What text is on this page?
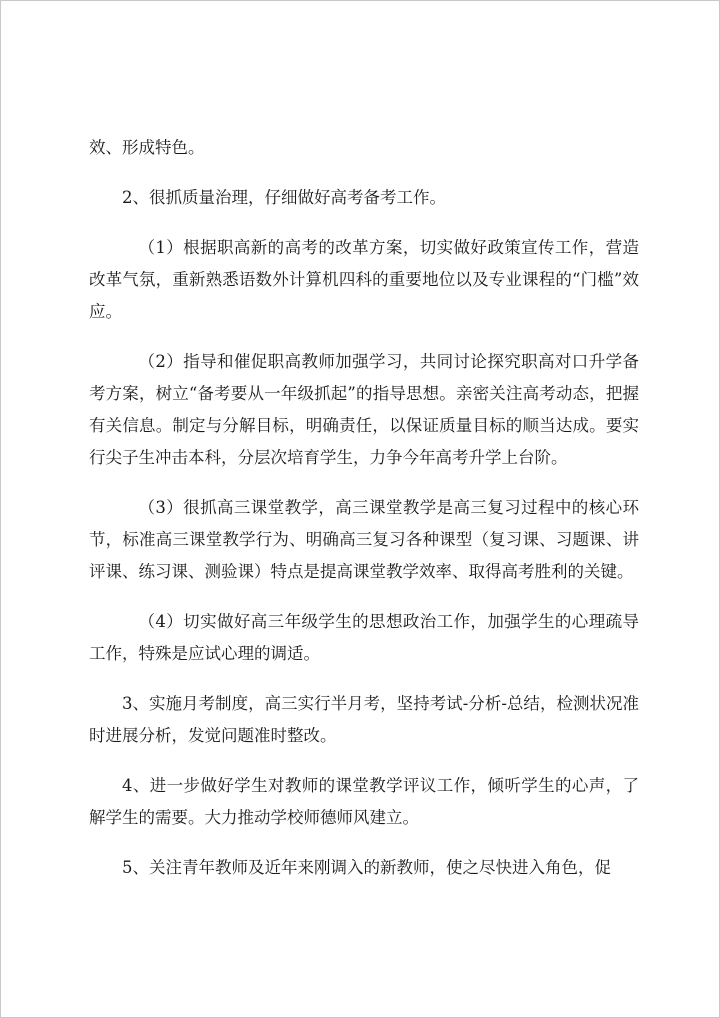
效、形成特色。

2、很抓质量治理，仔细做好高考备考工作。

（1）根据职高新的高考的改革方案，切实做好政策宣传工作，营造改革气氛，重新熟悉语数外计算机四科的重要地位以及专业课程的“门槛”效应。

（2）指导和催促职高教师加强学习，共同讨论探究职高对口升学备考方案，树立“备考要从一年级抓起”的指导思想。亲密关注高考动态，把握有关信息。制定与分解目标，明确责任，以保证质量目标的顺当达成。要实行尖子生冲击本科，分层次培育学生，力争今年高考升学上台阶。

（3）很抓高三课堂教学，高三课堂教学是高三复习过程中的核心环节，标准高三课堂教学行为、明确高三复习各种课型（复习课、习题课、讲评课、练习课、测验课）特点是提高课堂教学效率、取得高考胜利的关键。

（4）切实做好高三年级学生的思想政治工作，加强学生的心理疏导工作，特殊是应试心理的调适。

3、实施月考制度，高三实行半月考，坚持考试-分析-总结，检测状况准时进展分析，发觉问题准时整改。

4、进一步做好学生对教师的课堂教学评议工作，倾听学生的心声，了解学生的需要。大力推动学校师德师风建立。

5、关注青年教师及近年来刚调入的新教师，使之尽快进入角色，促
